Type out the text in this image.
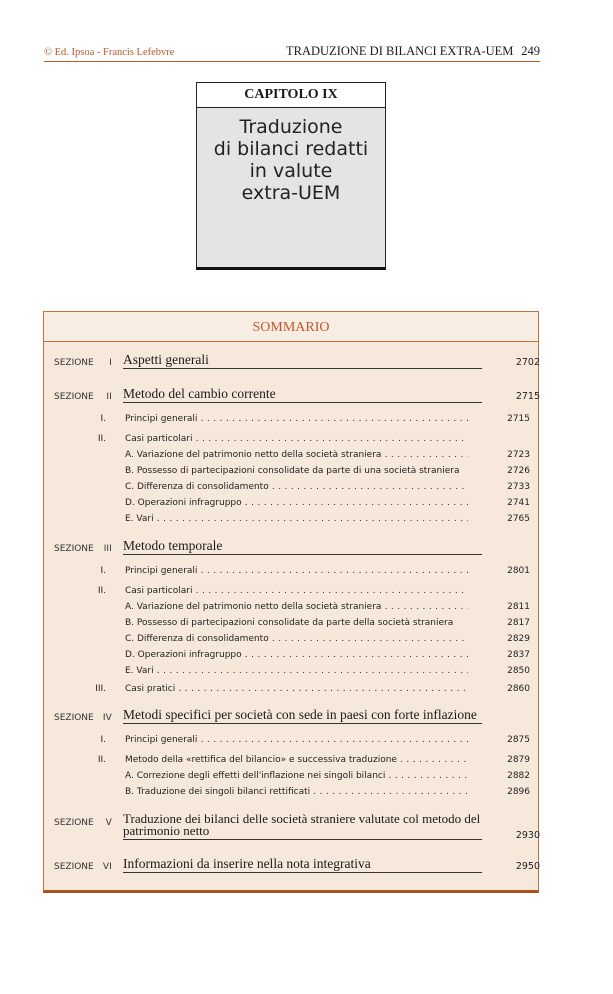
© Ed. Ipsoa - Francis Lefebvre	TRADUZIONE DI BILANCI EXTRA-UEM 249
CAPITOLO IX
Traduzione
di bilanci redatti
in valute
extra-UEM
SOMMARIO
SEZIONE I Aspetti generali	2702
SEZIONE II Metodo del cambio corrente	2715
I. Principi generali . . .	2715
II. Casi particolari . . .
A. Variazione del patrimonio netto della società straniera . . .	2723
B. Possesso di partecipazioni consolidate da parte di una società straniera	2726
C. Differenza di consolidamento . . .	2733
D. Operazioni infragruppo . . .	2741
E. Vari . . .	2765
SEZIONE III Metodo temporale
I. Principi generali . . .	2801
II. Casi particolari . . .
A. Variazione del patrimonio netto della società straniera . . .	2811
B. Possesso di partecipazioni consolidate da parte della società straniera	2817
C. Differenza di consolidamento . . .	2829
D. Operazioni infragruppo . . .	2837
E. Vari . . .	2850
III. Casi pratici . . .	2860
SEZIONE IV Metodi specifici per società con sede in paesi con forte inflazione
I. Principi generali . . .	2875
II. Metodo della «rettifica del bilancio» e successiva traduzione . . .	2879
A. Correzione degli effetti dell'inflazione nei singoli bilanci . . .	2882
B. Traduzione dei singoli bilanci rettificati . . .	2896
SEZIONE V Traduzione dei bilanci delle società straniere valutate col metodo del patrimonio netto	2930
SEZIONE VI Informazioni da inserire nella nota integrativa	2950
